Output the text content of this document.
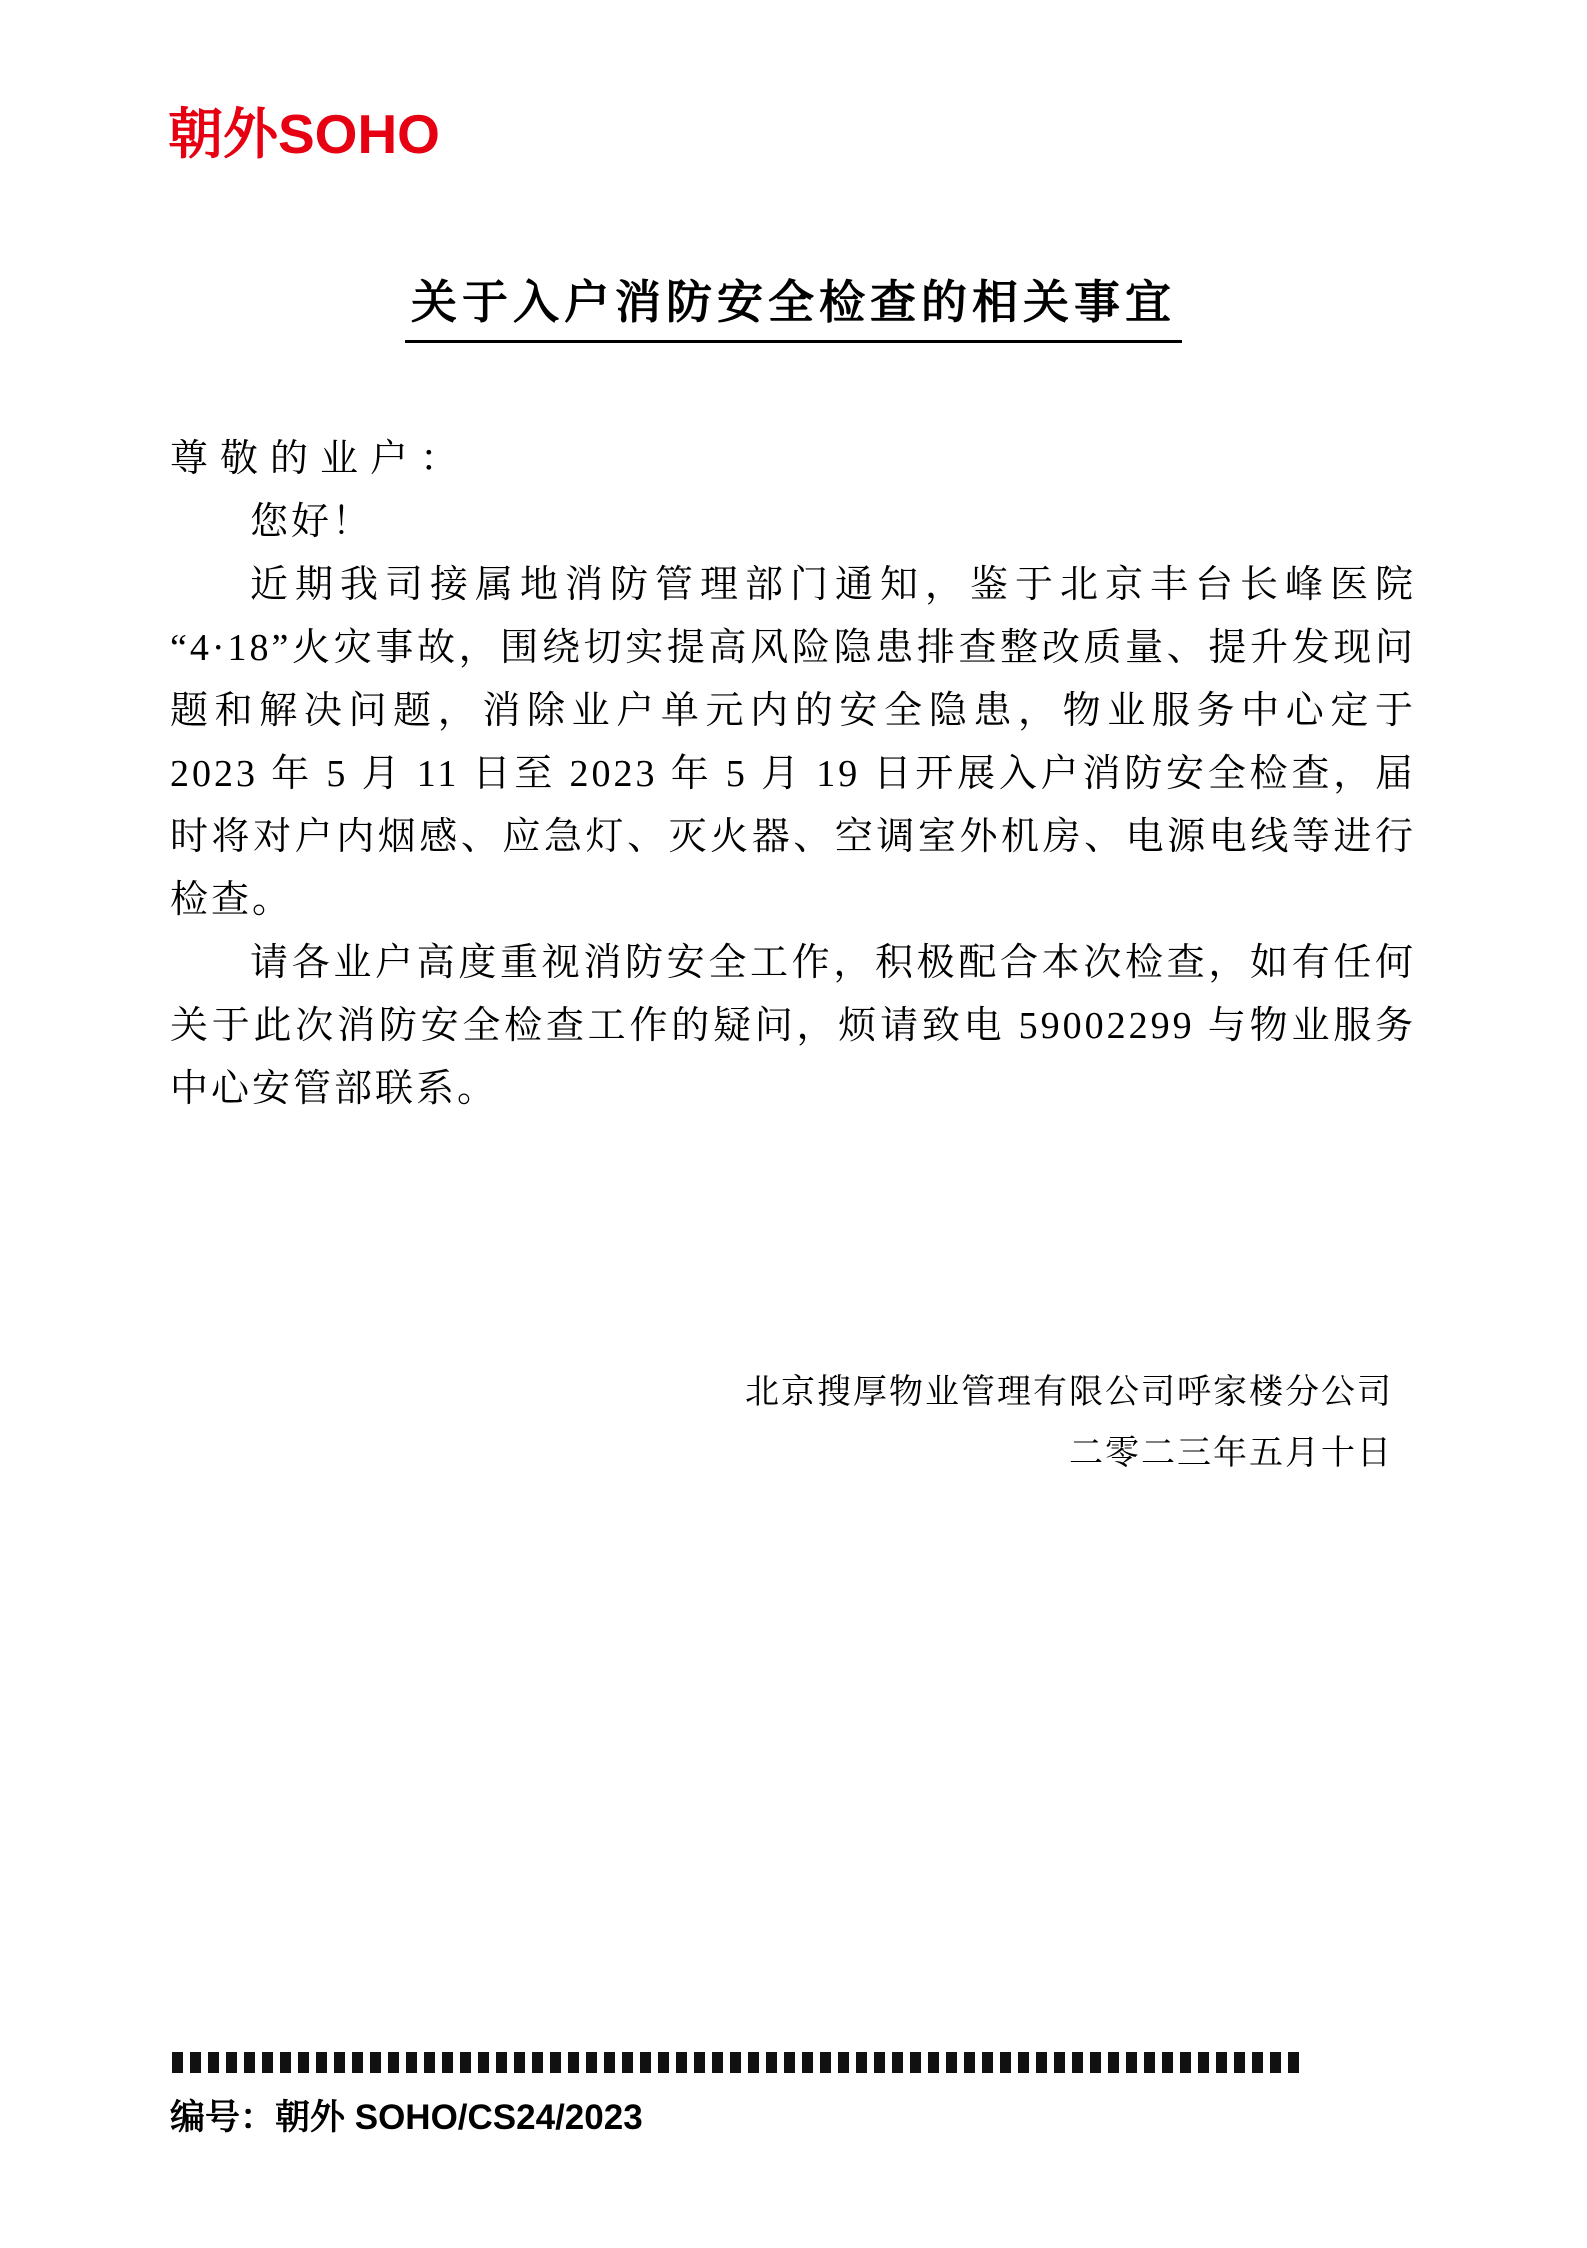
朝外SOHO
关于入户消防安全检查的相关事宜

尊敬的业户：

您好！

近期我司接属地消防管理部门通知，鉴于北京丰台长峰医院“4·18”火灾事故，围绕切实提高风险隐患排查整改质量、提升发现问题和解决问题，消除业户单元内的安全隐患，物业服务中心定于 2023 年 5 月 11 日至 2023 年 5 月 19 日开展入户消防安全检查，届时将对户内烟感、应急灯、灭火器、空调室外机房、电源电线等进行检查。

请各业户高度重视消防安全工作，积极配合本次检查，如有任何关于此次消防安全检查工作的疑问，烦请致电 59002299 与物业服务中心安管部联系。

北京搜厚物业管理有限公司呼家楼分公司
二零二三年五月十日
编号：朝外 SOHO/CS24/2023
